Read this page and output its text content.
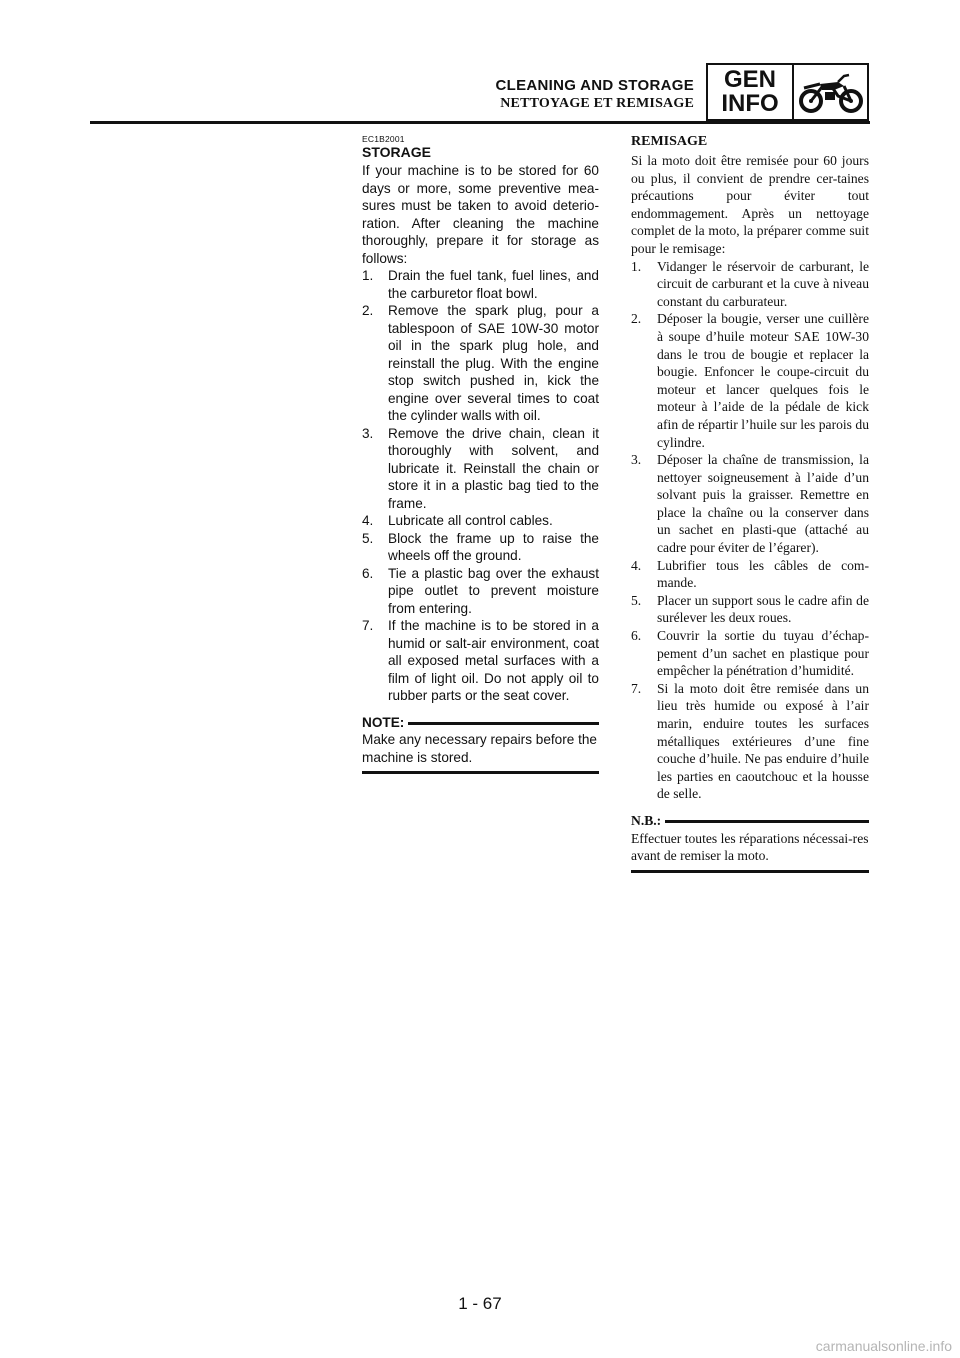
CLEANING AND STORAGE
NETTOYAGE ET REMISAGE
GEN
INFO
EC1B2001
STORAGE
If your machine is to be stored for 60 days or more, some preventive mea-sures must be taken to avoid deterio-ration. After cleaning the machine thoroughly, prepare it for storage as follows:
1.	Drain the fuel tank, fuel lines, and the carburetor float bowl.
2.	Remove the spark plug, pour a tablespoon of SAE 10W-30 motor oil in the spark plug hole, and reinstall the plug. With the engine stop switch pushed in, kick the engine over several times to coat the cylinder walls with oil.
3.	Remove the drive chain, clean it thoroughly with solvent, and lubricate it. Reinstall the chain or store it in a plastic bag tied to the frame.
4.	Lubricate all control cables.
5.	Block the frame up to raise the wheels off the ground.
6.	Tie a plastic bag over the exhaust pipe outlet to prevent moisture from entering.
7.	If the machine is to be stored in a humid or salt-air environment, coat all exposed metal surfaces with a film of light oil. Do not apply oil to rubber parts or the seat cover.
NOTE:
Make any necessary repairs before the machine is stored.
REMISAGE
Si la moto doit être remisée pour 60 jours ou plus, il convient de prendre cer-taines précautions pour éviter tout endommagement. Après un nettoyage complet de la moto, la préparer comme suit pour le remisage:
1.	Vidanger le réservoir de carburant, le circuit de carburant et la cuve à niveau constant du carburateur.
2.	Déposer la bougie, verser une cuillère à soupe d’huile moteur SAE 10W-30 dans le trou de bougie et replacer la bougie. Enfoncer le coupe-circuit du moteur et lancer quelques fois le moteur à l’aide de la pédale de kick afin de répartir l’huile sur les parois du cylindre.
3.	Déposer la chaîne de transmission, la nettoyer soigneusement à l’aide d’un solvant puis la graisser. Remettre en place la chaîne ou la conserver dans un sachet en plasti-que (attaché au cadre pour éviter de l’égarer).
4.	Lubrifier tous les câbles de com-mande.
5.	Placer un support sous le cadre afin de surélever les deux roues.
6.	Couvrir la sortie du tuyau d’échap-pement d’un sachet en plastique pour empêcher la pénétration d’humidité.
7.	Si la moto doit être remisée dans un lieu très humide ou exposé à l’air marin, enduire toutes les surfaces métalliques extérieures d’une fine couche d’huile. Ne pas enduire d’huile les parties en caoutchouc et la housse de selle.
N.B.:
Effectuer toutes les réparations nécessai-res avant de remiser la moto.
1 - 67
carmanualsonline.info
